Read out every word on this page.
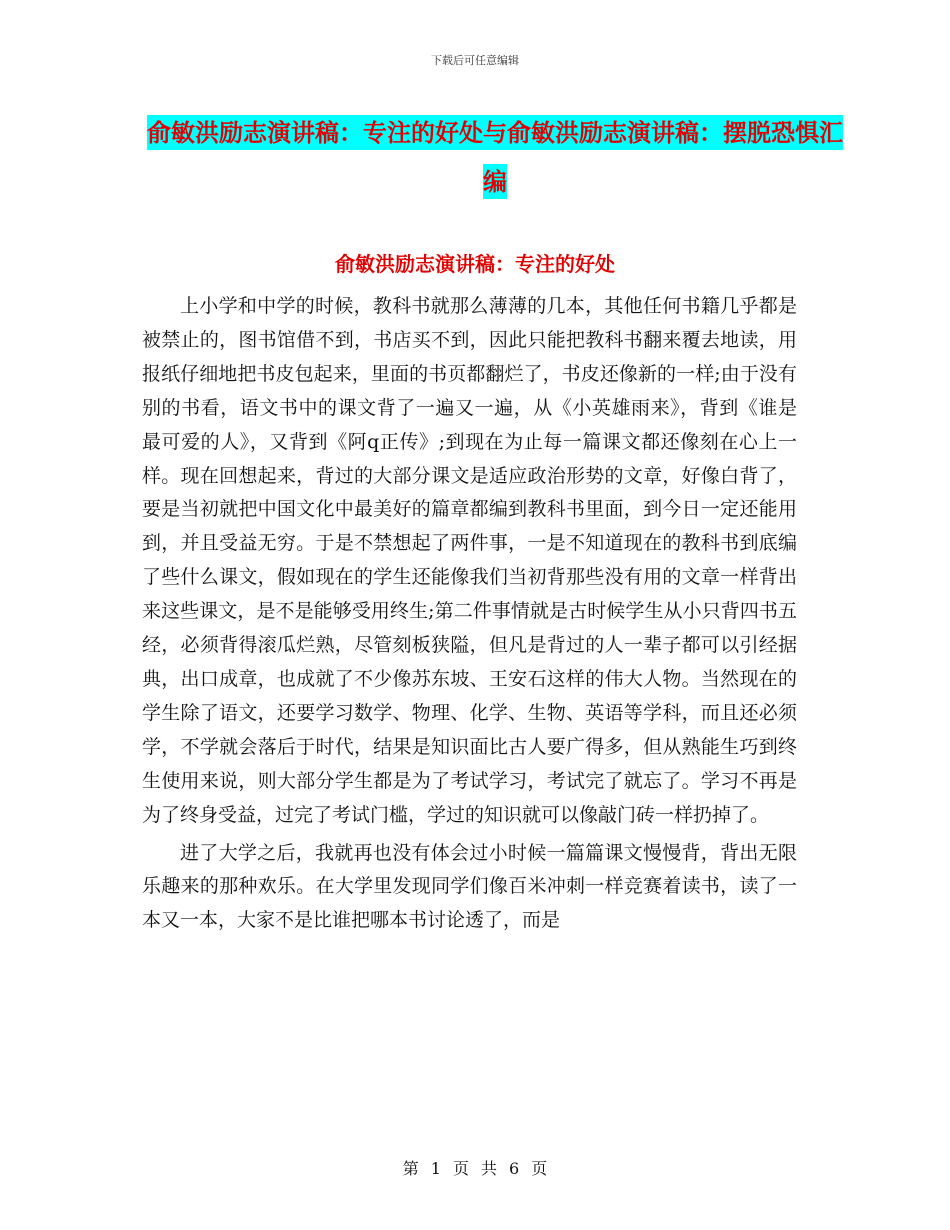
下载后可任意编辑
俞敏洪励志演讲稿：专注的好处与俞敏洪励志演讲稿：摆脱恐惧汇编
俞敏洪励志演讲稿：专注的好处

上小学和中学的时候，教科书就那么薄薄的几本，其他任何书籍几乎都是被禁止的，图书馆借不到，书店买不到，因此只能把教科书翻来覆去地读，用报纸仔细地把书皮包起来，里面的书页都翻烂了，书皮还像新的一样;由于没有别的书看，语文书中的课文背了一遍又一遍，从《小英雄雨来》，背到《谁是最可爱的人》，又背到《阿q正传》;到现在为止每一篇课文都还像刻在心上一样。现在回想起来，背过的大部分课文是适应政治形势的文章，好像白背了，要是当初就把中国文化中最美好的篇章都编到教科书里面，到今日一定还能用到，并且受益无穷。于是不禁想起了两件事，一是不知道现在的教科书到底编了些什么课文，假如现在的学生还能像我们当初背那些没有用的文章一样背出来这些课文，是不是能够受用终生;第二件事情就是古时候学生从小只背四书五经，必须背得滚瓜烂熟，尽管刻板狭隘，但凡是背过的人一辈子都可以引经据典，出口成章，也成就了不少像苏东坡、王安石这样的伟大人物。当然现在的学生除了语文，还要学习数学、物理、化学、生物、英语等学科，而且还必须学，不学就会落后于时代，结果是知识面比古人要广得多，但从熟能生巧到终生使用来说，则大部分学生都是为了考试学习，考试完了就忘了。学习不再是为了终身受益，过完了考试门槛，学过的知识就可以像敲门砖一样扔掉了。

进了大学之后，我就再也没有体会过小时候一篇篇课文慢慢背，背出无限乐趣来的那种欢乐。在大学里发现同学们像百米冲刺一样竞赛着读书，读了一本又一本，大家不是比谁把哪本书讨论透了，而是

第 1 页 共 6 页
